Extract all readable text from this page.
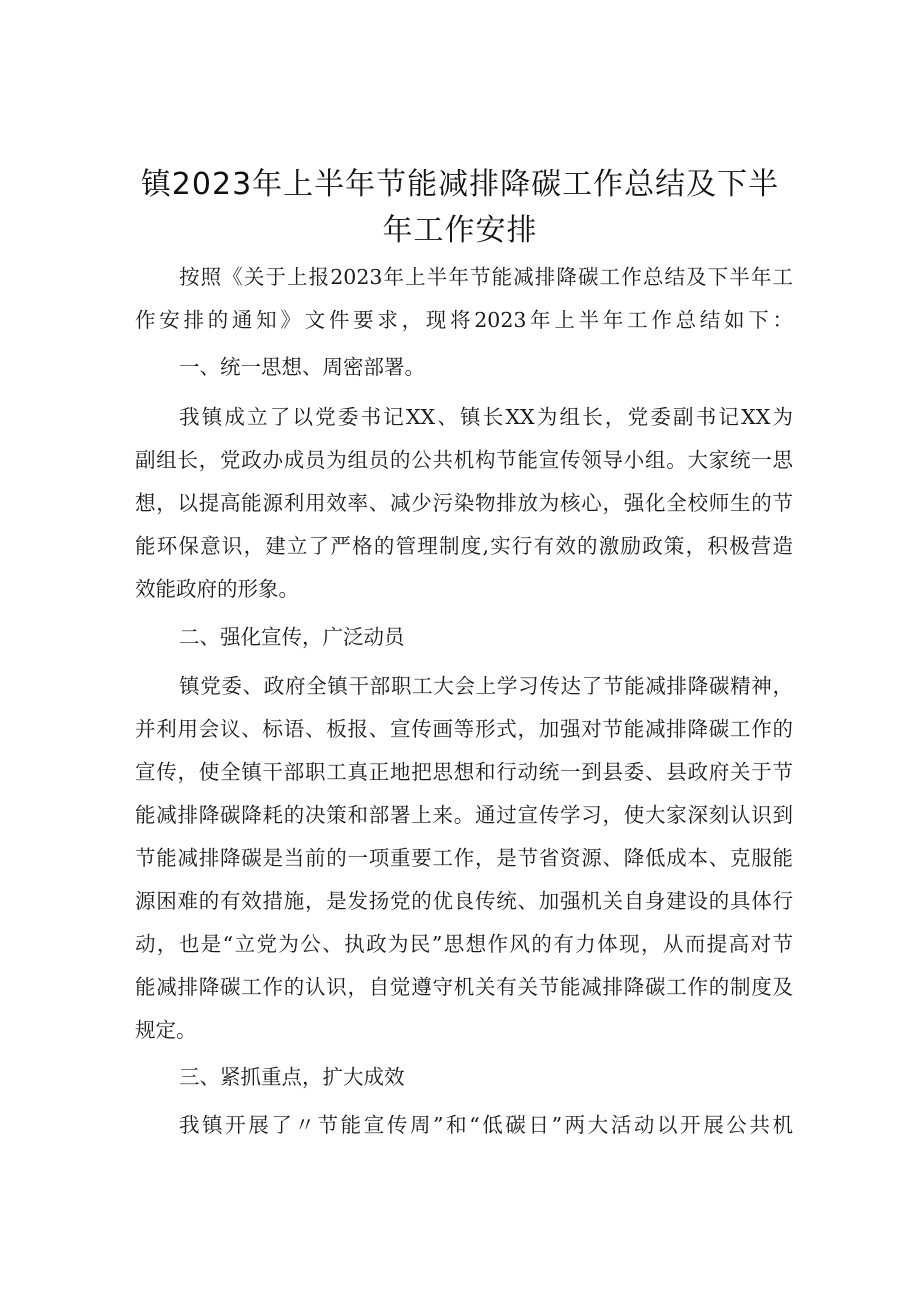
镇2023年上半年节能减排降碳工作总结及下半
年工作安排
按照《关于上报2023年上半年节能减排降碳工作总结及下半年工
作安排的通知》文件要求，现将2023年上半年工作总结如下：
一、统一思想、周密部署。
我镇成立了以党委书记XX、镇长XX为组长，党委副书记XX为
副组长，党政办成员为组员的公共机构节能宣传领导小组。大家统一思
想，以提高能源利用效率、减少污染物排放为核心，强化全校师生的节
能环保意识，建立了严格的管理制度,实行有效的激励政策，积极营造
效能政府的形象。
二、强化宣传，广泛动员
镇党委、政府全镇干部职工大会上学习传达了节能减排降碳精神，
并利用会议、标语、板报、宣传画等形式，加强对节能减排降碳工作的
宣传，使全镇干部职工真正地把思想和行动统一到县委、县政府关于节
能减排降碳降耗的决策和部署上来。通过宣传学习，使大家深刻认识到
节能减排降碳是当前的一项重要工作，是节省资源、降低成本、克服能
源困难的有效措施，是发扬党的优良传统、加强机关自身建设的具体行
动，也是“立党为公、执政为民”思想作风的有力体现，从而提高对节
能减排降碳工作的认识，自觉遵守机关有关节能减排降碳工作的制度及
规定。
三、紧抓重点，扩大成效
我镇开展了〃节能宣传周”和“低碳日”两大活动以开展公共机
